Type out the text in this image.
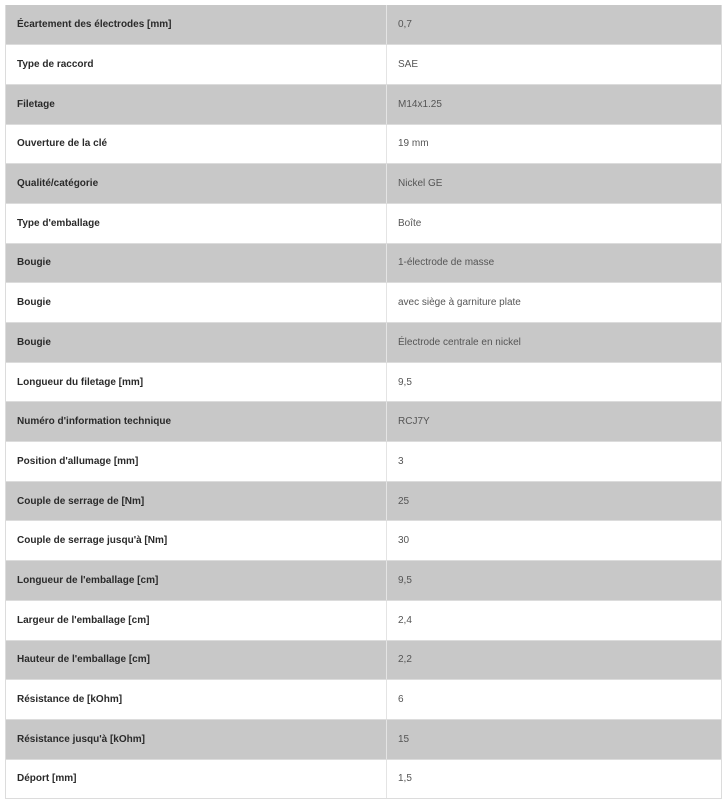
Écartement des électrodes [mm]	0,7
Type de raccord	SAE
Filetage	M14x1.25
Ouverture de la clé	19 mm
Qualité/catégorie	Nickel GE
Type d'emballage	Boîte
Bougie	1-électrode de masse
Bougie	avec siège à garniture plate
Bougie	Électrode centrale en nickel
Longueur du filetage [mm]	9,5
Numéro d'information technique	RCJ7Y
Position d'allumage [mm]	3
Couple de serrage de [Nm]	25
Couple de serrage jusqu'à [Nm]	30
Longueur de l'emballage [cm]	9,5
Largeur de l'emballage [cm]	2,4
Hauteur de l'emballage [cm]	2,2
Résistance de [kOhm]	6
Résistance jusqu'à [kOhm]	15
Déport [mm]	1,5
